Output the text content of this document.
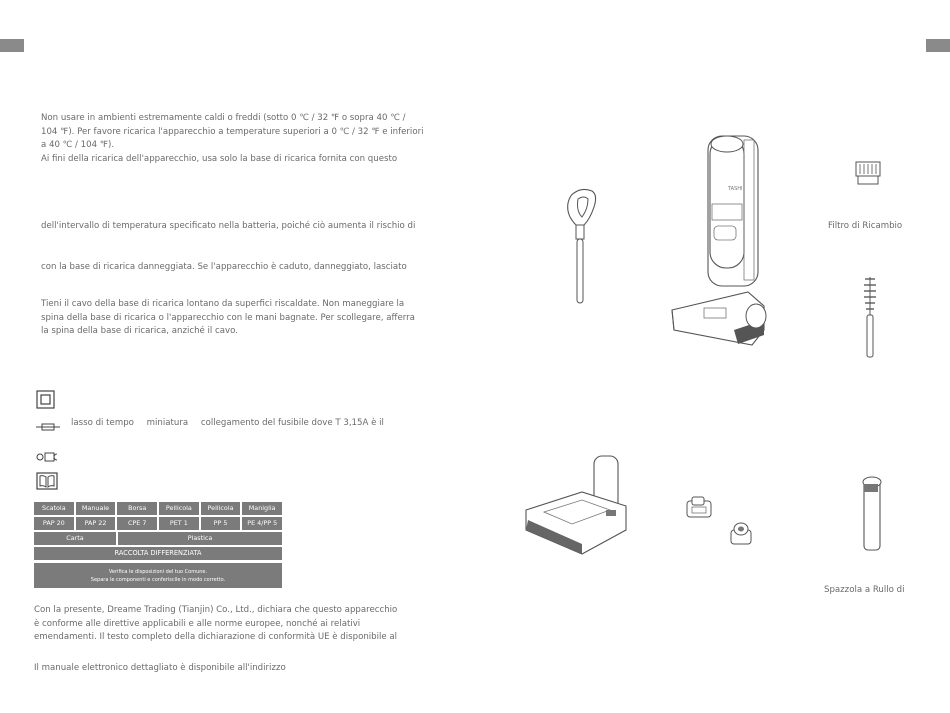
Non usare in ambienti estremamente caldi o freddi (sotto 0 ℃ / 32 ℉ o sopra 40 ℃ /
104 ℉). Per favore ricarica l'apparecchio a temperature superiori a 0 ℃ / 32 ℉ e inferiori
a 40 ℃ / 104 ℉).
Ai fini della ricarica dell'apparecchio, usa solo la base di ricarica fornita con questo
dell'intervallo di temperatura specificato nella batteria, poiché ciò aumenta il rischio di
con la base di ricarica danneggiata. Se l'apparecchio è caduto, danneggiato, lasciato
Tieni il cavo della base di ricarica lontano da superfici riscaldate. Non maneggiare la
spina della base di ricarica o l'apparecchio con le mani bagnate. Per scollegare, afferra
la spina della base di ricarica, anziché il cavo.
lasso di tempo miniatura collegamento del fusibile dove T 3,15A è il
Scatola	Manuale	Borsa	Pellicola	Pellicola	Maniglia
PAP 20	PAP 22	CPE 7	PET 1	PP 5	PE 4/PP 5
Carta	Plastica
RACCOLTA DIFFERENZIATA
Verifica le disposizioni del tuo Comune.
Separa le componenti e conferiscile in modo corretto.
Con la presente, Dreame Trading (Tianjin) Co., Ltd., dichiara che questo apparecchio
è conforme alle direttive applicabili e alle norme europee, nonché ai relativi
emendamenti. Il testo completo della dichiarazione di conformità UE è disponibile al
Il manuale elettronico dettagliato è disponibile all'indirizzo
TASHI
Filtro di Ricambio
Spazzola a Rullo di
